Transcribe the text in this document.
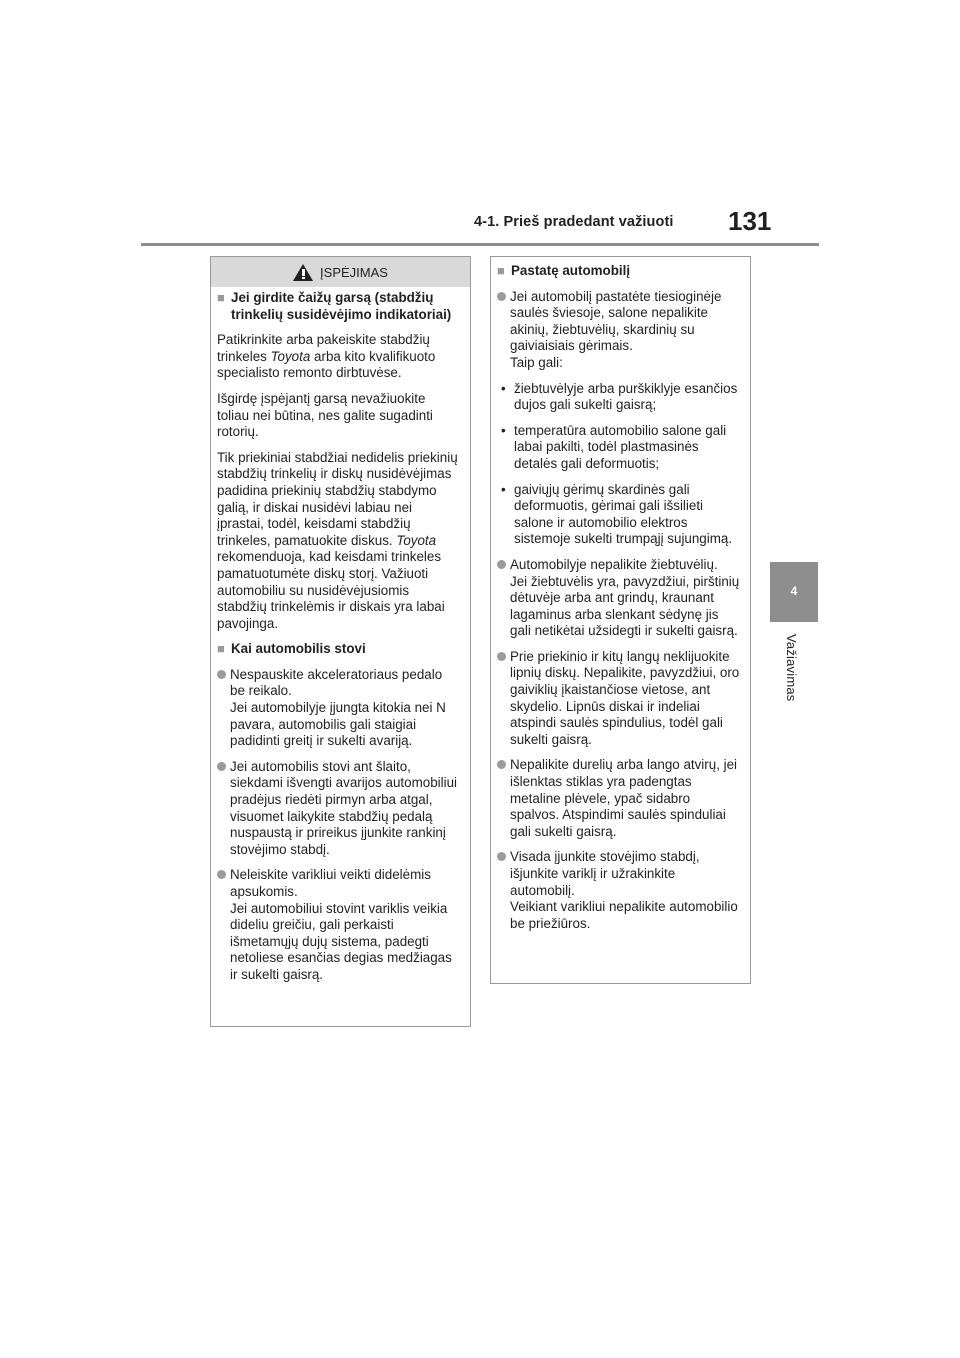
4-1. Prieš pradedant važiuoti 131
4
Važiavimas
ĮSPĖJIMAS
■ Jei girdite čaižų garsą (stabdžių trinkelių susidėvėjimo indikatoriai)
Patikrinkite arba pakeiskite stabdžių trinkeles Toyota arba kito kvalifikuoto specialisto remonto dirbtuvėse.
Išgirdę įspėjantį garsą nevažiuokite toliau nei būtina, nes galite sugadinti rotorių.
Tik priekiniai stabdžiai nedidelis priekinių stabdžių trinkelių ir diskų nusidėvėjimas padidina priekinių stabdžių stabdymo galią, ir diskai nusidėvi labiau nei įprastai, todėl, keisdami stabdžių trinkeles, pamatuokite diskus. Toyota rekomenduoja, kad keisdami trinkeles pamatuotumėte diskų storį. Važiuoti automobiliu su nusidėvėjusiomis stabdžių trinkelėmis ir diskais yra labai pavojinga.
■ Kai automobilis stovi
Nespauskite akceleratoriaus pedalo be reikalo.
Jei automobilyje įjungta kitokia nei N pavara, automobilis gali staigiai padidinti greitį ir sukelti avariją.
Jei automobilis stovi ant šlaito, siekdami išvengti avarijos automobiliui pradėjus riedėti pirmyn arba atgal, visuomet laikykite stabdžių pedalą nuspaustą ir prireikus įjunkite rankinį stovėjimo stabdį.
Neleiskite varikliui veikti didelėmis apsukomis.
Jei automobiliui stovint variklis veikia dideliu greičiu, gali perkaisti išmetamųjų dujų sistema, padegti netoliese esančias degias medžiagas ir sukelti gaisrą.
■ Pastatę automobilį
Jei automobilį pastatėte tiesioginėje saulės šviesoje, salone nepalikite akinių, žiebtuvėlių, skardinių su gaiviaisiais gėrimais.
Taip gali:
• žiebtuvėlyje arba purškiklyje esančios dujos gali sukelti gaisrą;
• temperatūra automobilio salone gali labai pakilti, todėl plastmasinės detalės gali deformuotis;
• gaiviųjų gėrimų skardinės gali deformuotis, gėrimai gali išsilieti salone ir automobilio elektros sistemoje sukelti trumpąjį sujungimą.
Automobilyje nepalikite žiebtuvėlių.
Jei žiebtuvėlis yra, pavyzdžiui, pirštinių dėtuvėje arba ant grindų, kraunant lagaminus arba slenkant sėdynę jis gali netikėtai užsidegti ir sukelti gaisrą.
Prie priekinio ir kitų langų neklijuokite lipnių diskų. Nepalikite, pavyzdžiui, oro gaiviklių įkaistančiose vietose, ant skydelio. Lipnūs diskai ir indeliai atspindi saulės spindulius, todėl gali sukelti gaisrą.
Nepalikite durelių arba lango atvirų, jei išlenktas stiklas yra padengtas metaline plėvele, ypač sidabro spalvos. Atspindimi saulės spinduliai gali sukelti gaisrą.
Visada įjunkite stovėjimo stabdį, išjunkite variklį ir užrakinkite automobilį.
Veikiant varikliui nepalikite automobilio be priežiūros.
